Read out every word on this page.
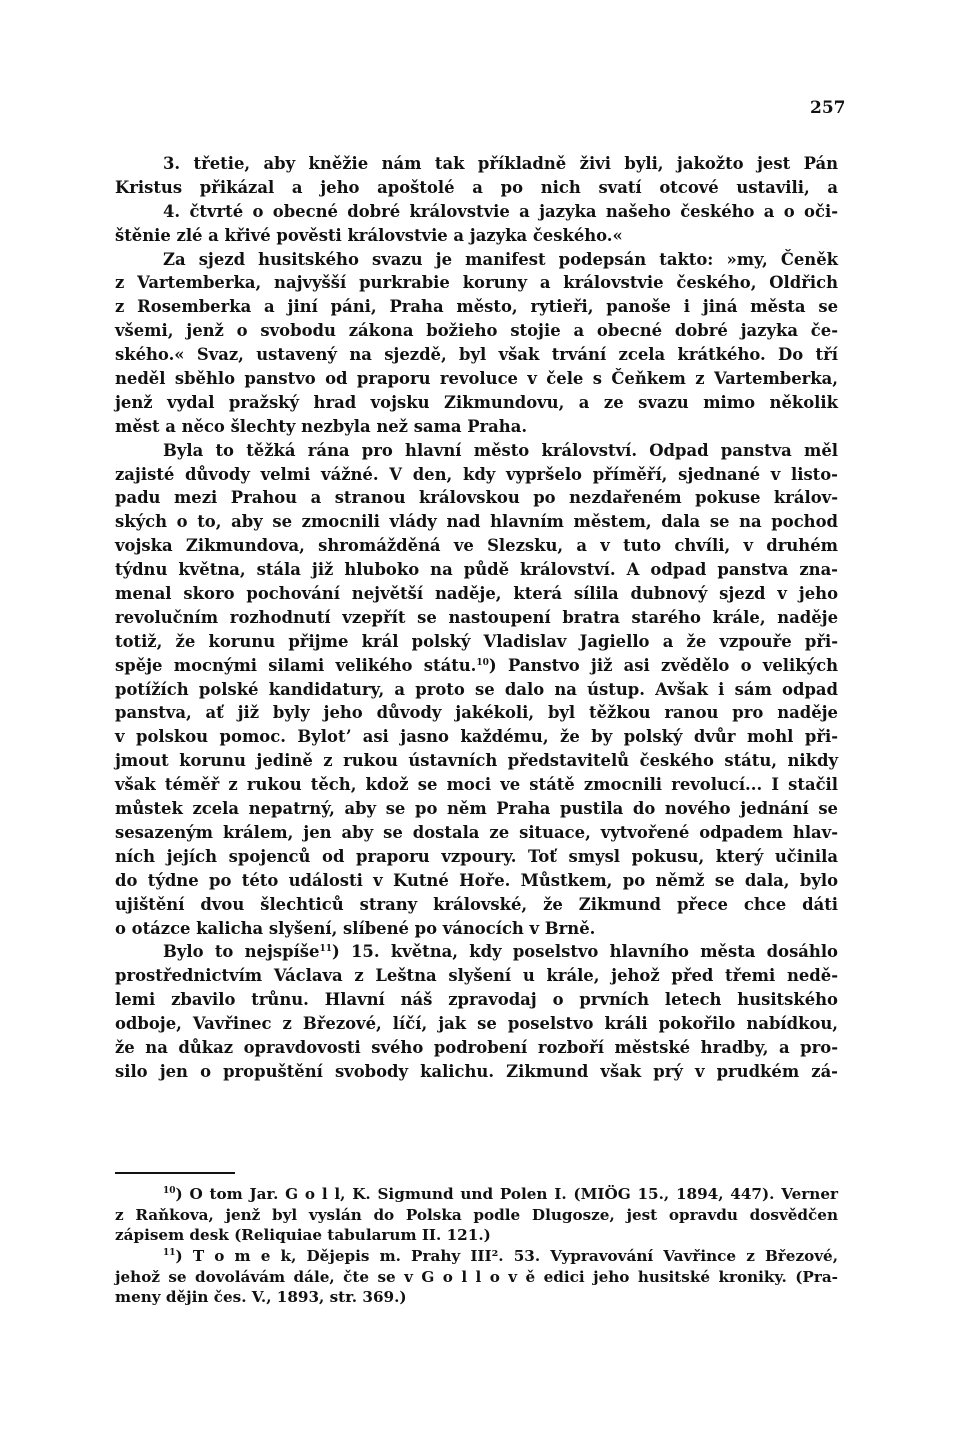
257
3. třetie, aby kněžie nám tak příkladně živi byli, jakožto jest Pán
Kristus přikázal a jeho apoštolé a po nich svatí otcové ustavili, a
4. čtvrté o obecné dobré královstvie a jazyka našeho českého a o oči-
štěnie zlé a křivé pověsti královstvie a jazyka českého.«
Za sjezd husitského svazu je manifest podepsán takto: »my, Čeněk
z Vartemberka, najvyšší purkrabie koruny a královstvie českého, Oldřich
z Rosemberka a jiní páni, Praha město, rytieři, panoše i jiná města se
všemi, jenž o svobodu zákona božieho stojie a obecné dobré jazyka če-
ského.« Svaz, ustavený na sjezdě, byl však trvání zcela krátkého. Do tří
neděl sběhlo panstvo od praporu revoluce v čele s Čeňkem z Vartemberka,
jenž vydal pražský hrad vojsku Zikmundovu, a ze svazu mimo několik
měst a něco šlechty nezbyla než sama Praha.
Byla to těžká rána pro hlavní město království. Odpad panstva měl
zajisté důvody velmi vážné. V den, kdy vypršelo příměří, sjednané v listo-
padu mezi Prahou a stranou královskou po nezdařeném pokuse králov-
ských o to, aby se zmocnili vlády nad hlavním městem, dala se na pochod
vojska Zikmundova, shromážděná ve Slezsku, a v tuto chvíli, v druhém
týdnu května, stála již hluboko na půdě království. A odpad panstva zna-
menal skoro pochování největší naděje, která sílila dubnový sjezd v jeho
revolučním rozhodnutí vzepřít se nastoupení bratra starého krále, naděje
totiž, že korunu přijme král polský Vladislav Jagiello a že vzpouře při-
spěje mocnými silami velikého státu.$^{10}$) Panstvo již asi zvědělo o velikých
potížích polské kandidatury, a proto se dalo na ústup. Avšak i sám odpad
panstva, ať již byly jeho důvody jakékoli, byl těžkou ranou pro naděje
v polskou pomoc. Bylotʼ asi jasno každému, že by polský dvůr mohl při-
jmout korunu jedině z rukou ústavních představitelů českého státu, nikdy
však téměř z rukou těch, kdož se moci ve státě zmocnili revolucí... I stačil
můstek zcela nepatrný, aby se po něm Praha pustila do nového jednání se
sesazeným králem, jen aby se dostala ze situace, vytvořené odpadem hlav-
ních jejích spojenců od praporu vzpoury. Toť smysl pokusu, který učinila
do týdne po této události v Kutné Hoře. Můstkem, po němž se dala, bylo
ujištění dvou šlechticů strany královské, že Zikmund přece chce dáti
o otázce kalicha slyšení, slíbené po vánocích v Brně.
Bylo to nejspíše$^{11}$) 15. května, kdy poselstvo hlavního města dosáhlo
prostřednictvím Václava z Leštna slyšení u krále, jehož před třemi nedě-
lemi zbavilo trůnu. Hlavní náš zpravodaj o prvních letech husitského
odboje, Vavřinec z Březové, líčí, jak se poselstvo králi pokořilo nabídkou,
že na důkaz opravdovosti svého podrobení rozboří městské hradby, a pro-
silo jen o propuštění svobody kalichu. Zikmund však prý v prudkém zá-
$^{10}$) O tom Jar. G o l l, K. Sigmund und Polen I. (MIÖG 15., 1894, 447). Verner
z Raňkova, jenž byl vyslán do Polska podle Dlugosze, jest opravdu dosvědčen
zápisem desk (Reliquiae tabularum II. 121.)
$^{11}$) T o m e k, Dějepis m. Prahy III². 53. Vypravování Vavřince z Březové,
jehož se dovolávám dále, čte se v G o l l o v ě edici jeho husitské kroniky. (Pra-
meny dějin čes. V., 1893, str. 369.)
